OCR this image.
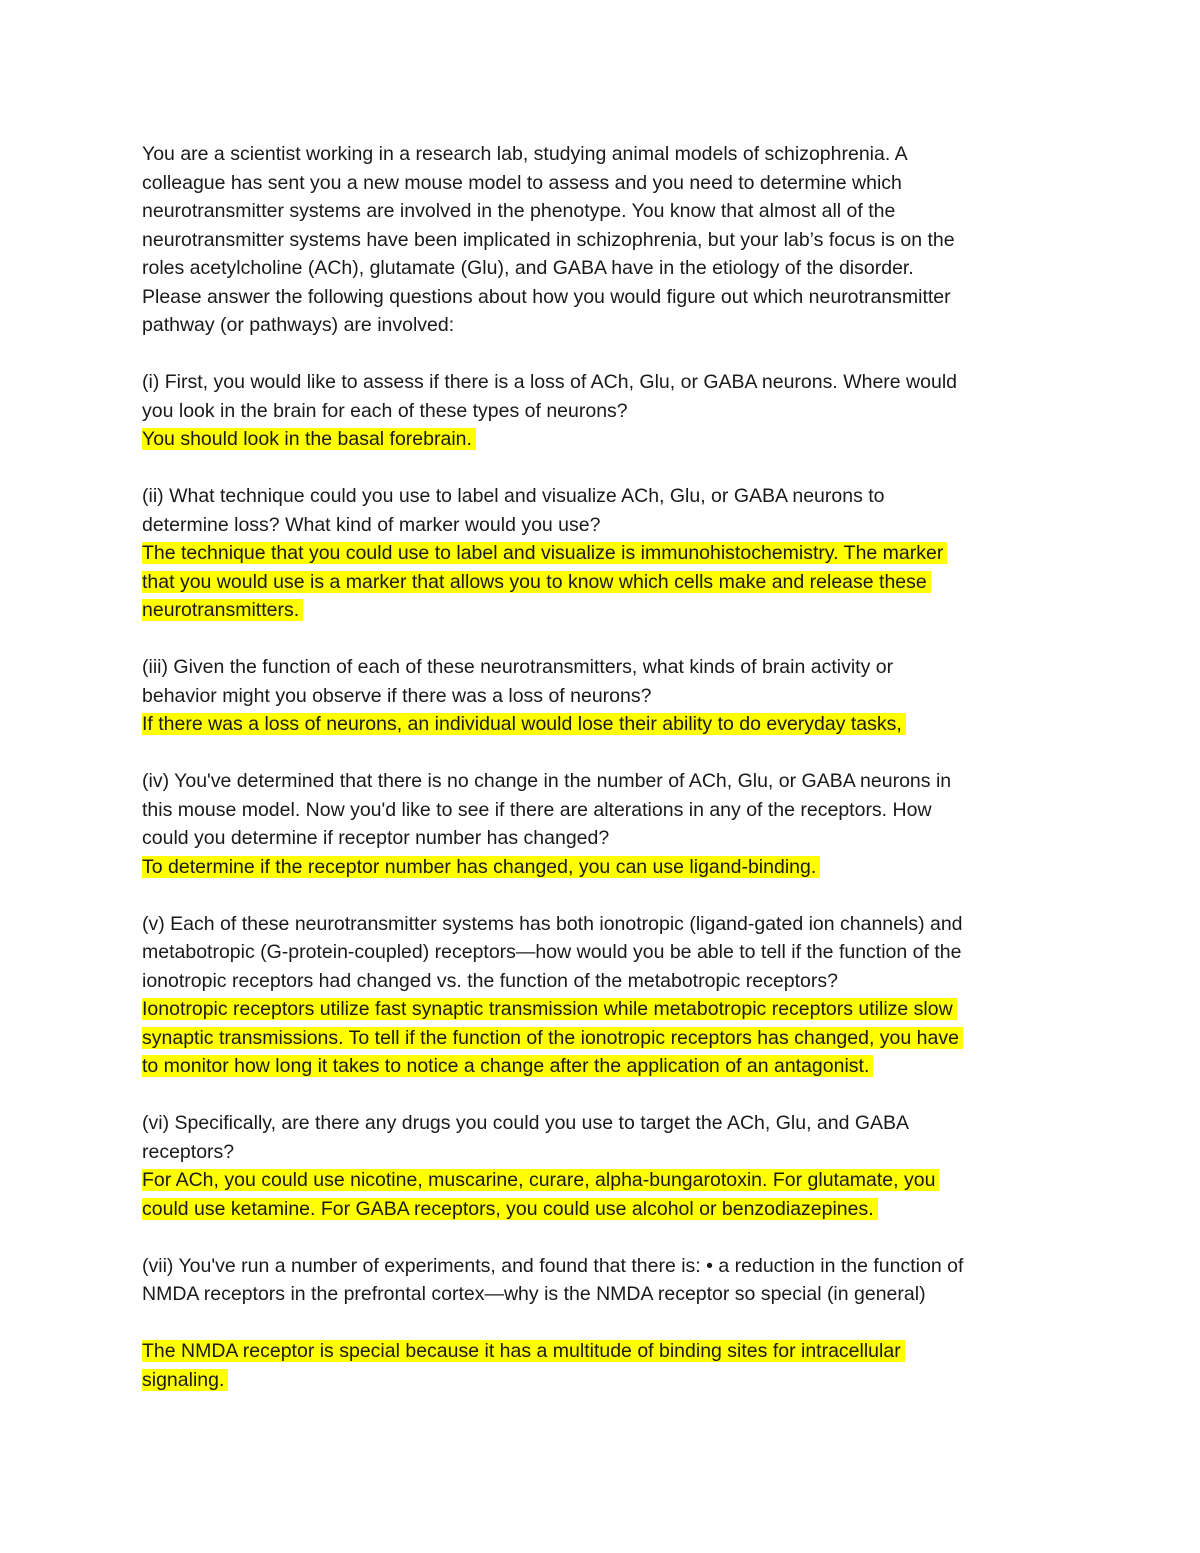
You are a scientist working in a research lab, studying animal models of schizophrenia. A
colleague has sent you a new mouse model to assess and you need to determine which
neurotransmitter systems are involved in the phenotype. You know that almost all of the
neurotransmitter systems have been implicated in schizophrenia, but your lab’s focus is on the
roles acetylcholine (ACh), glutamate (Glu), and GABA have in the etiology of the disorder.
Please answer the following questions about how you would figure out which neurotransmitter
pathway (or pathways) are involved:
(i) First, you would like to assess if there is a loss of ACh, Glu, or GABA neurons. Where would
you look in the brain for each of these types of neurons?
You should look in the basal forebrain.
(ii) What technique could you use to label and visualize ACh, Glu, or GABA neurons to
determine loss? What kind of marker would you use?
The technique that you could use to label and visualize is immunohistochemistry. The marker
that you would use is a marker that allows you to know which cells make and release these
neurotransmitters.
(iii) Given the function of each of these neurotransmitters, what kinds of brain activity or
behavior might you observe if there was a loss of neurons?
If there was a loss of neurons, an individual would lose their ability to do everyday tasks,
(iv) You've determined that there is no change in the number of ACh, Glu, or GABA neurons in
this mouse model. Now you'd like to see if there are alterations in any of the receptors. How
could you determine if receptor number has changed?
To determine if the receptor number has changed, you can use ligand-binding.
(v) Each of these neurotransmitter systems has both ionotropic (ligand-gated ion channels) and
metabotropic (G-protein-coupled) receptors—how would you be able to tell if the function of the
ionotropic receptors had changed vs. the function of the metabotropic receptors?
Ionotropic receptors utilize fast synaptic transmission while metabotropic receptors utilize slow
synaptic transmissions. To tell if the function of the ionotropic receptors has changed, you have
to monitor how long it takes to notice a change after the application of an antagonist.
(vi) Specifically, are there any drugs you could you use to target the ACh, Glu, and GABA
receptors?
For ACh, you could use nicotine, muscarine, curare, alpha-bungarotoxin. For glutamate, you
could use ketamine. For GABA receptors, you could use alcohol or benzodiazepines.
(vii) You've run a number of experiments, and found that there is: • a reduction in the function of
NMDA receptors in the prefrontal cortex—why is the NMDA receptor so special (in general)
The NMDA receptor is special because it has a multitude of binding sites for intracellular
signaling.
